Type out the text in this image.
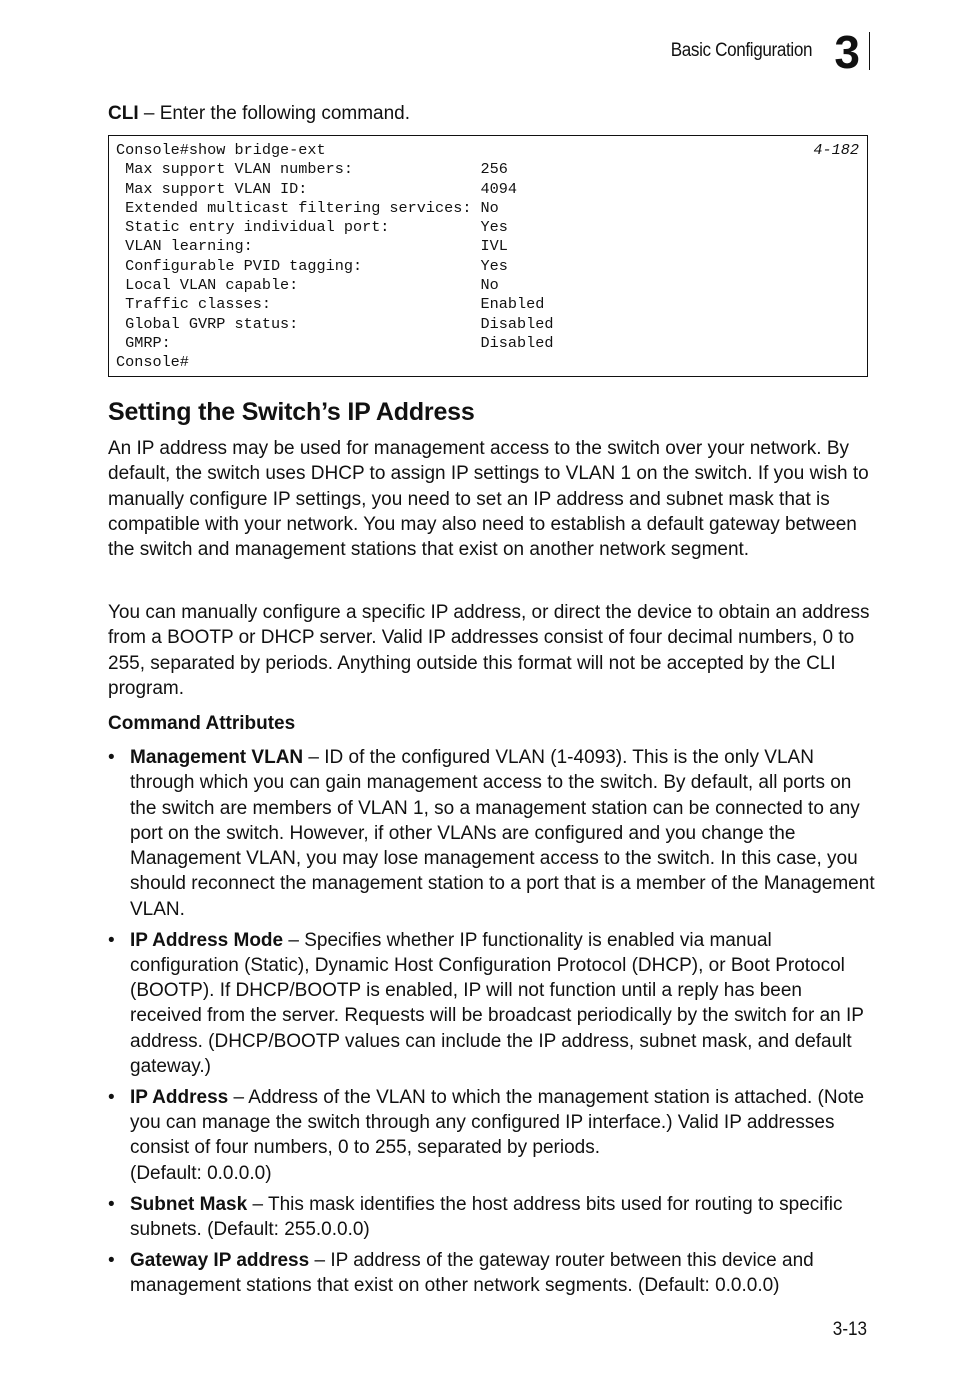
Basic Configuration 3
CLI – Enter the following command.
Console#show bridge-ext	4-182
Max support VLAN numbers:              256
Max support VLAN ID:                   4094
Extended multicast filtering services: No
Static entry individual port:          Yes
VLAN learning:                         IVL
Configurable PVID tagging:             Yes
Local VLAN capable:                    No
Traffic classes:                       Enabled
Global GVRP status:                    Disabled
GMRP:                                  Disabled
Console#
Setting the Switch’s IP Address

An IP address may be used for management access to the switch over your network. By default, the switch uses DHCP to assign IP settings to VLAN 1 on the switch. If you wish to manually configure IP settings, you need to set an IP address and subnet mask that is compatible with your network. You may also need to establish a default gateway between the switch and management stations that exist on another network segment.

You can manually configure a specific IP address, or direct the device to obtain an address from a BOOTP or DHCP server. Valid IP addresses consist of four decimal numbers, 0 to 255, separated by periods. Anything outside this format will not be accepted by the CLI program.

Command Attributes

• Management VLAN – ID of the configured VLAN (1-4093). This is the only VLAN through which you can gain management access to the switch. By default, all ports on the switch are members of VLAN 1, so a management station can be connected to any port on the switch. However, if other VLANs are configured and you change the Management VLAN, you may lose management access to the switch. In this case, you should reconnect the management station to a port that is a member of the Management VLAN.
• IP Address Mode – Specifies whether IP functionality is enabled via manual configuration (Static), Dynamic Host Configuration Protocol (DHCP), or Boot Protocol (BOOTP). If DHCP/BOOTP is enabled, IP will not function until a reply has been received from the server. Requests will be broadcast periodically by the switch for an IP address. (DHCP/BOOTP values can include the IP address, subnet mask, and default gateway.)
• IP Address – Address of the VLAN to which the management station is attached. (Note you can manage the switch through any configured IP interface.) Valid IP addresses consist of four numbers, 0 to 255, separated by periods.
(Default: 0.0.0.0)
• Subnet Mask – This mask identifies the host address bits used for routing to specific subnets. (Default: 255.0.0.0)
• Gateway IP address – IP address of the gateway router between this device and management stations that exist on other network segments. (Default: 0.0.0.0)
3-13
